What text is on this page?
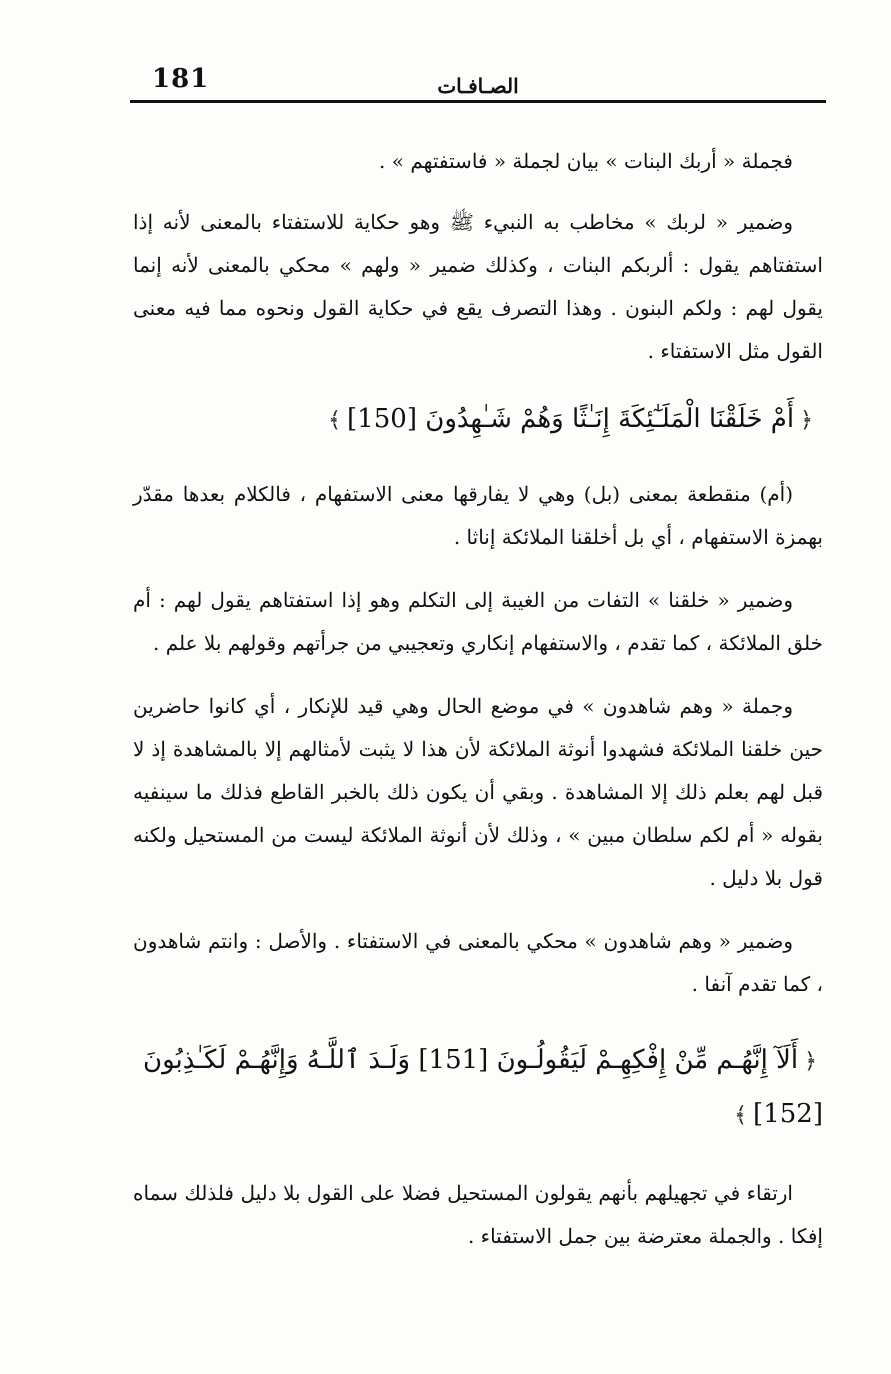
181	الصـافـات

فجملة « أربك البنات » بيان لجملة « فاستفتهم » .

وضمير « لربك » مخاطب به النبيء ﷺ وهو حكاية للاستفتاء بالمعنى لأنه إذا استفتاهم يقول : ألربكم البنات ، وكذلك ضمير « ولهم » محكي بالمعنى لأنه إنما يقول لهم : ولكم البنون . وهذا التصرف يقع في حكاية القول ونحوه مما فيه معنى القول مثل الاستفتاء .

﴿أَمْ خَلَقْنَا الْمَلَـٰٓئِكَةَ إِنَـٰثًا وَهُمْ شَـٰهِدُونَ [150]﴾

(أم) منقطعة بمعنى (بل) وهي لا يفارقها معنى الاستفهام ، فالكلام بعدها مقدّر بهمزة الاستفهام ، أي بل أخلقنا الملائكة إناثا .

وضمير « خلقنا » التفات من الغيبة إلى التكلم وهو إذا استفتاهم يقول لهم : أم خلق الملائكة ، كما تقدم ، والاستفهام إنكاري وتعجيبي من جرأتهم وقولهم بلا علم .

وجملة « وهم شاهدون » في موضع الحال وهي قيد للإنكار ، أي كانوا حاضرين حين خلقنا الملائكة فشهدوا أنوثة الملائكة لأن هذا لا يثبت لأمثالهم إلا بالمشاهدة إذ لا قبل لهم بعلم ذلك إلا المشاهدة . وبقي أن يكون ذلك بالخبر القاطع فذلك ما سينفيه بقوله « أم لكم سلطان مبين » ، وذلك لأن أنوثة الملائكة ليست من المستحيل ولكنه قول بلا دليل .

وضمير « وهم شاهدون » محكي بالمعنى في الاستفتاء . والأصل : وانتم شاهدون ، كما تقدم آنفا .

﴿أَلَآ إِنَّهُـم مِّنْ إِفْكِهِـمْ لَيَقُولُـونَ [151] وَلَـدَ ٱللَّـهُ وَإِنَّهُـمْ لَكَـٰذِبُونَ [152]﴾

ارتقاء في تجهيلهم بأنهم يقولون المستحيل فضلا على القول بلا دليل فلذلك سماه إفكا . والجملة معترضة بين جمل الاستفتاء .
